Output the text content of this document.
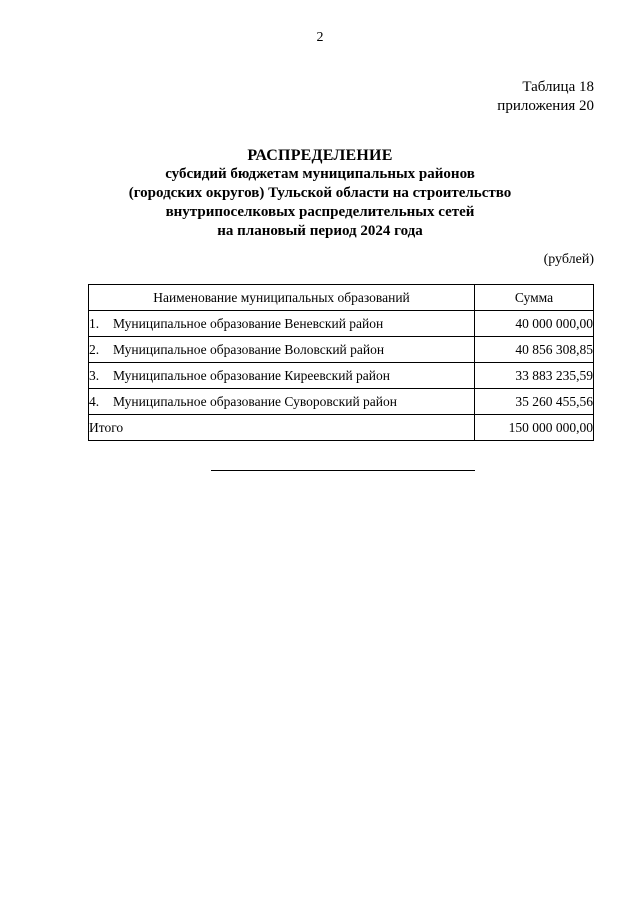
2
Таблица 18
приложения 20
РАСПРЕДЕЛЕНИЕ
субсидий бюджетам муниципальных районов
(городских округов) Тульской области на строительство
внутрипоселковых распределительных сетей
на плановый период 2024 года
(рублей)
Наименование муниципальных образований	Сумма
1. Муниципальное образование Веневский район	40 000 000,00
2. Муниципальное образование Воловский район	40 856 308,85
3. Муниципальное образование Киреевский район	33 883 235,59
4. Муниципальное образование Суворовский район	35 260 455,56
Итого	150 000 000,00
